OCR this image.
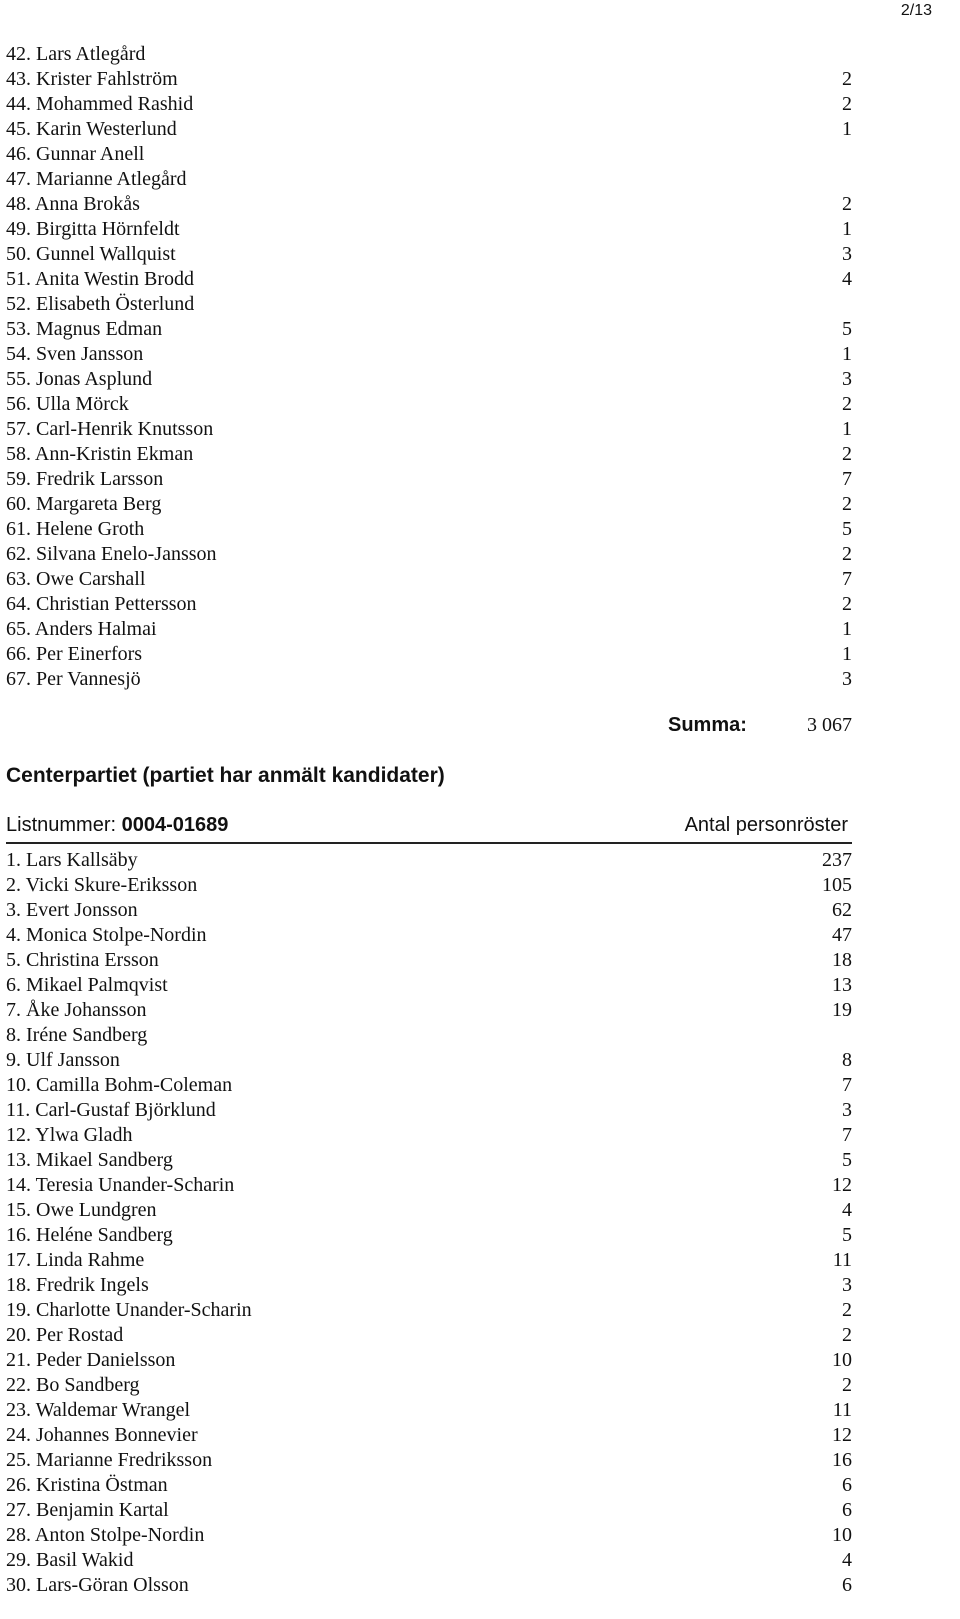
2/13
42. Lars Atlegård
43. Krister Fahlström	2
44. Mohammed Rashid	2
45. Karin Westerlund	1
46. Gunnar Anell
47. Marianne Atlegård
48. Anna Brokås	2
49. Birgitta Hörnfeldt	1
50. Gunnel Wallquist	3
51. Anita Westin Brodd	4
52. Elisabeth Österlund
53. Magnus Edman	5
54. Sven Jansson	1
55. Jonas Asplund	3
56. Ulla Mörck	2
57. Carl-Henrik Knutsson	1
58. Ann-Kristin Ekman	2
59. Fredrik Larsson	7
60. Margareta Berg	2
61. Helene Groth	5
62. Silvana Enelo-Jansson	2
63. Owe Carshall	7
64. Christian Pettersson	2
65. Anders Halmai	1
66. Per Einerfors	1
67. Per Vannesjö	3
Summa:	3 067
Centerpartiet (partiet har anmält kandidater)
Listnummer: 0004-01689	Antal personröster
1. Lars Kallsäby	237
2. Vicki Skure-Eriksson	105
3. Evert Jonsson	62
4. Monica Stolpe-Nordin	47
5. Christina Ersson	18
6. Mikael Palmqvist	13
7. Åke Johansson	19
8. Iréne Sandberg
9. Ulf Jansson	8
10. Camilla Bohm-Coleman	7
11. Carl-Gustaf Björklund	3
12. Ylwa Gladh	7
13. Mikael Sandberg	5
14. Teresia Unander-Scharin	12
15. Owe Lundgren	4
16. Heléne Sandberg	5
17. Linda Rahme	11
18. Fredrik Ingels	3
19. Charlotte Unander-Scharin	2
20. Per Rostad	2
21. Peder Danielsson	10
22. Bo Sandberg	2
23. Waldemar Wrangel	11
24. Johannes Bonnevier	12
25. Marianne Fredriksson	16
26. Kristina Östman	6
27. Benjamin Kartal	6
28. Anton Stolpe-Nordin	10
29. Basil Wakid	4
30. Lars-Göran Olsson	6
